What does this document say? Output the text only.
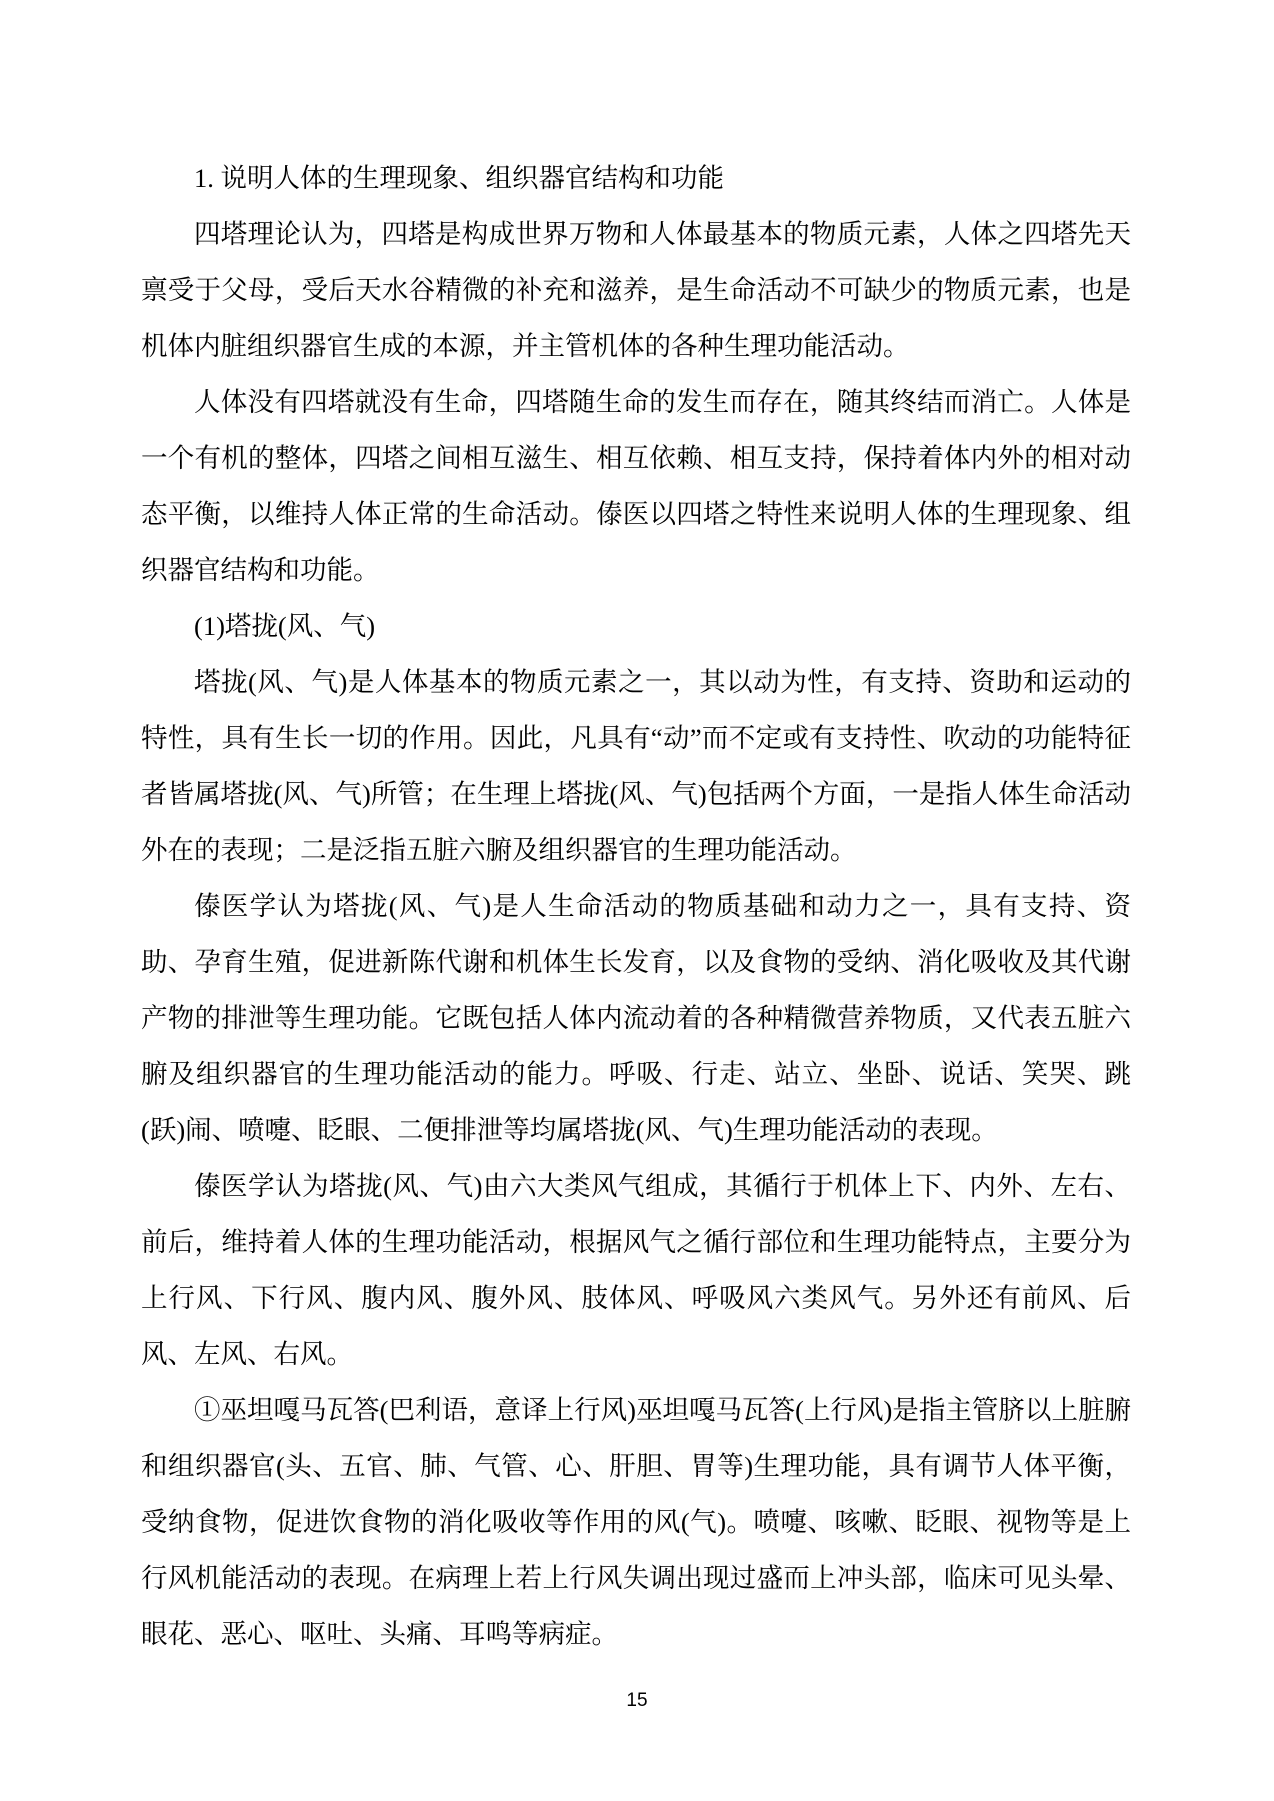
1. 说明人体的生理现象、组织器官结构和功能

四塔理论认为，四塔是构成世界万物和人体最基本的物质元素，人体之四塔先天禀受于父母，受后天水谷精微的补充和滋养，是生命活动不可缺少的物质元素，也是机体内脏组织器官生成的本源，并主管机体的各种生理功能活动。

人体没有四塔就没有生命，四塔随生命的发生而存在，随其终结而消亡。人体是一个有机的整体，四塔之间相互滋生、相互依赖、相互支持，保持着体内外的相对动态平衡，以维持人体正常的生命活动。傣医以四塔之特性来说明人体的生理现象、组织器官结构和功能。

(1)塔拢(风、气)

塔拢(风、气)是人体基本的物质元素之一，其以动为性，有支持、资助和运动的特性，具有生长一切的作用。因此，凡具有“动”而不定或有支持性、吹动的功能特征者皆属塔拢(风、气)所管；在生理上塔拢(风、气)包括两个方面，一是指人体生命活动外在的表现；二是泛指五脏六腑及组织器官的生理功能活动。

傣医学认为塔拢(风、气)是人生命活动的物质基础和动力之一，具有支持、资助、孕育生殖，促进新陈代谢和机体生长发育，以及食物的受纳、消化吸收及其代谢产物的排泄等生理功能。它既包括人体内流动着的各种精微营养物质，又代表五脏六腑及组织器官的生理功能活动的能力。呼吸、行走、站立、坐卧、说话、笑哭、跳(跃)闹、喷嚏、眨眼、二便排泄等均属塔拢(风、气)生理功能活动的表现。

傣医学认为塔拢(风、气)由六大类风气组成，其循行于机体上下、内外、左右、前后，维持着人体的生理功能活动，根据风气之循行部位和生理功能特点，主要分为上行风、下行风、腹内风、腹外风、肢体风、呼吸风六类风气。另外还有前风、后风、左风、右风。

①巫坦嘎马瓦答(巴利语，意译上行风)巫坦嘎马瓦答(上行风)是指主管脐以上脏腑和组织器官(头、五官、肺、气管、心、肝胆、胃等)生理功能，具有调节人体平衡，受纳食物，促进饮食物的消化吸收等作用的风(气)。喷嚏、咳嗽、眨眼、视物等是上行风机能活动的表现。在病理上若上行风失调出现过盛而上冲头部，临床可见头晕、眼花、恶心、呕吐、头痛、耳鸣等病症。

15
